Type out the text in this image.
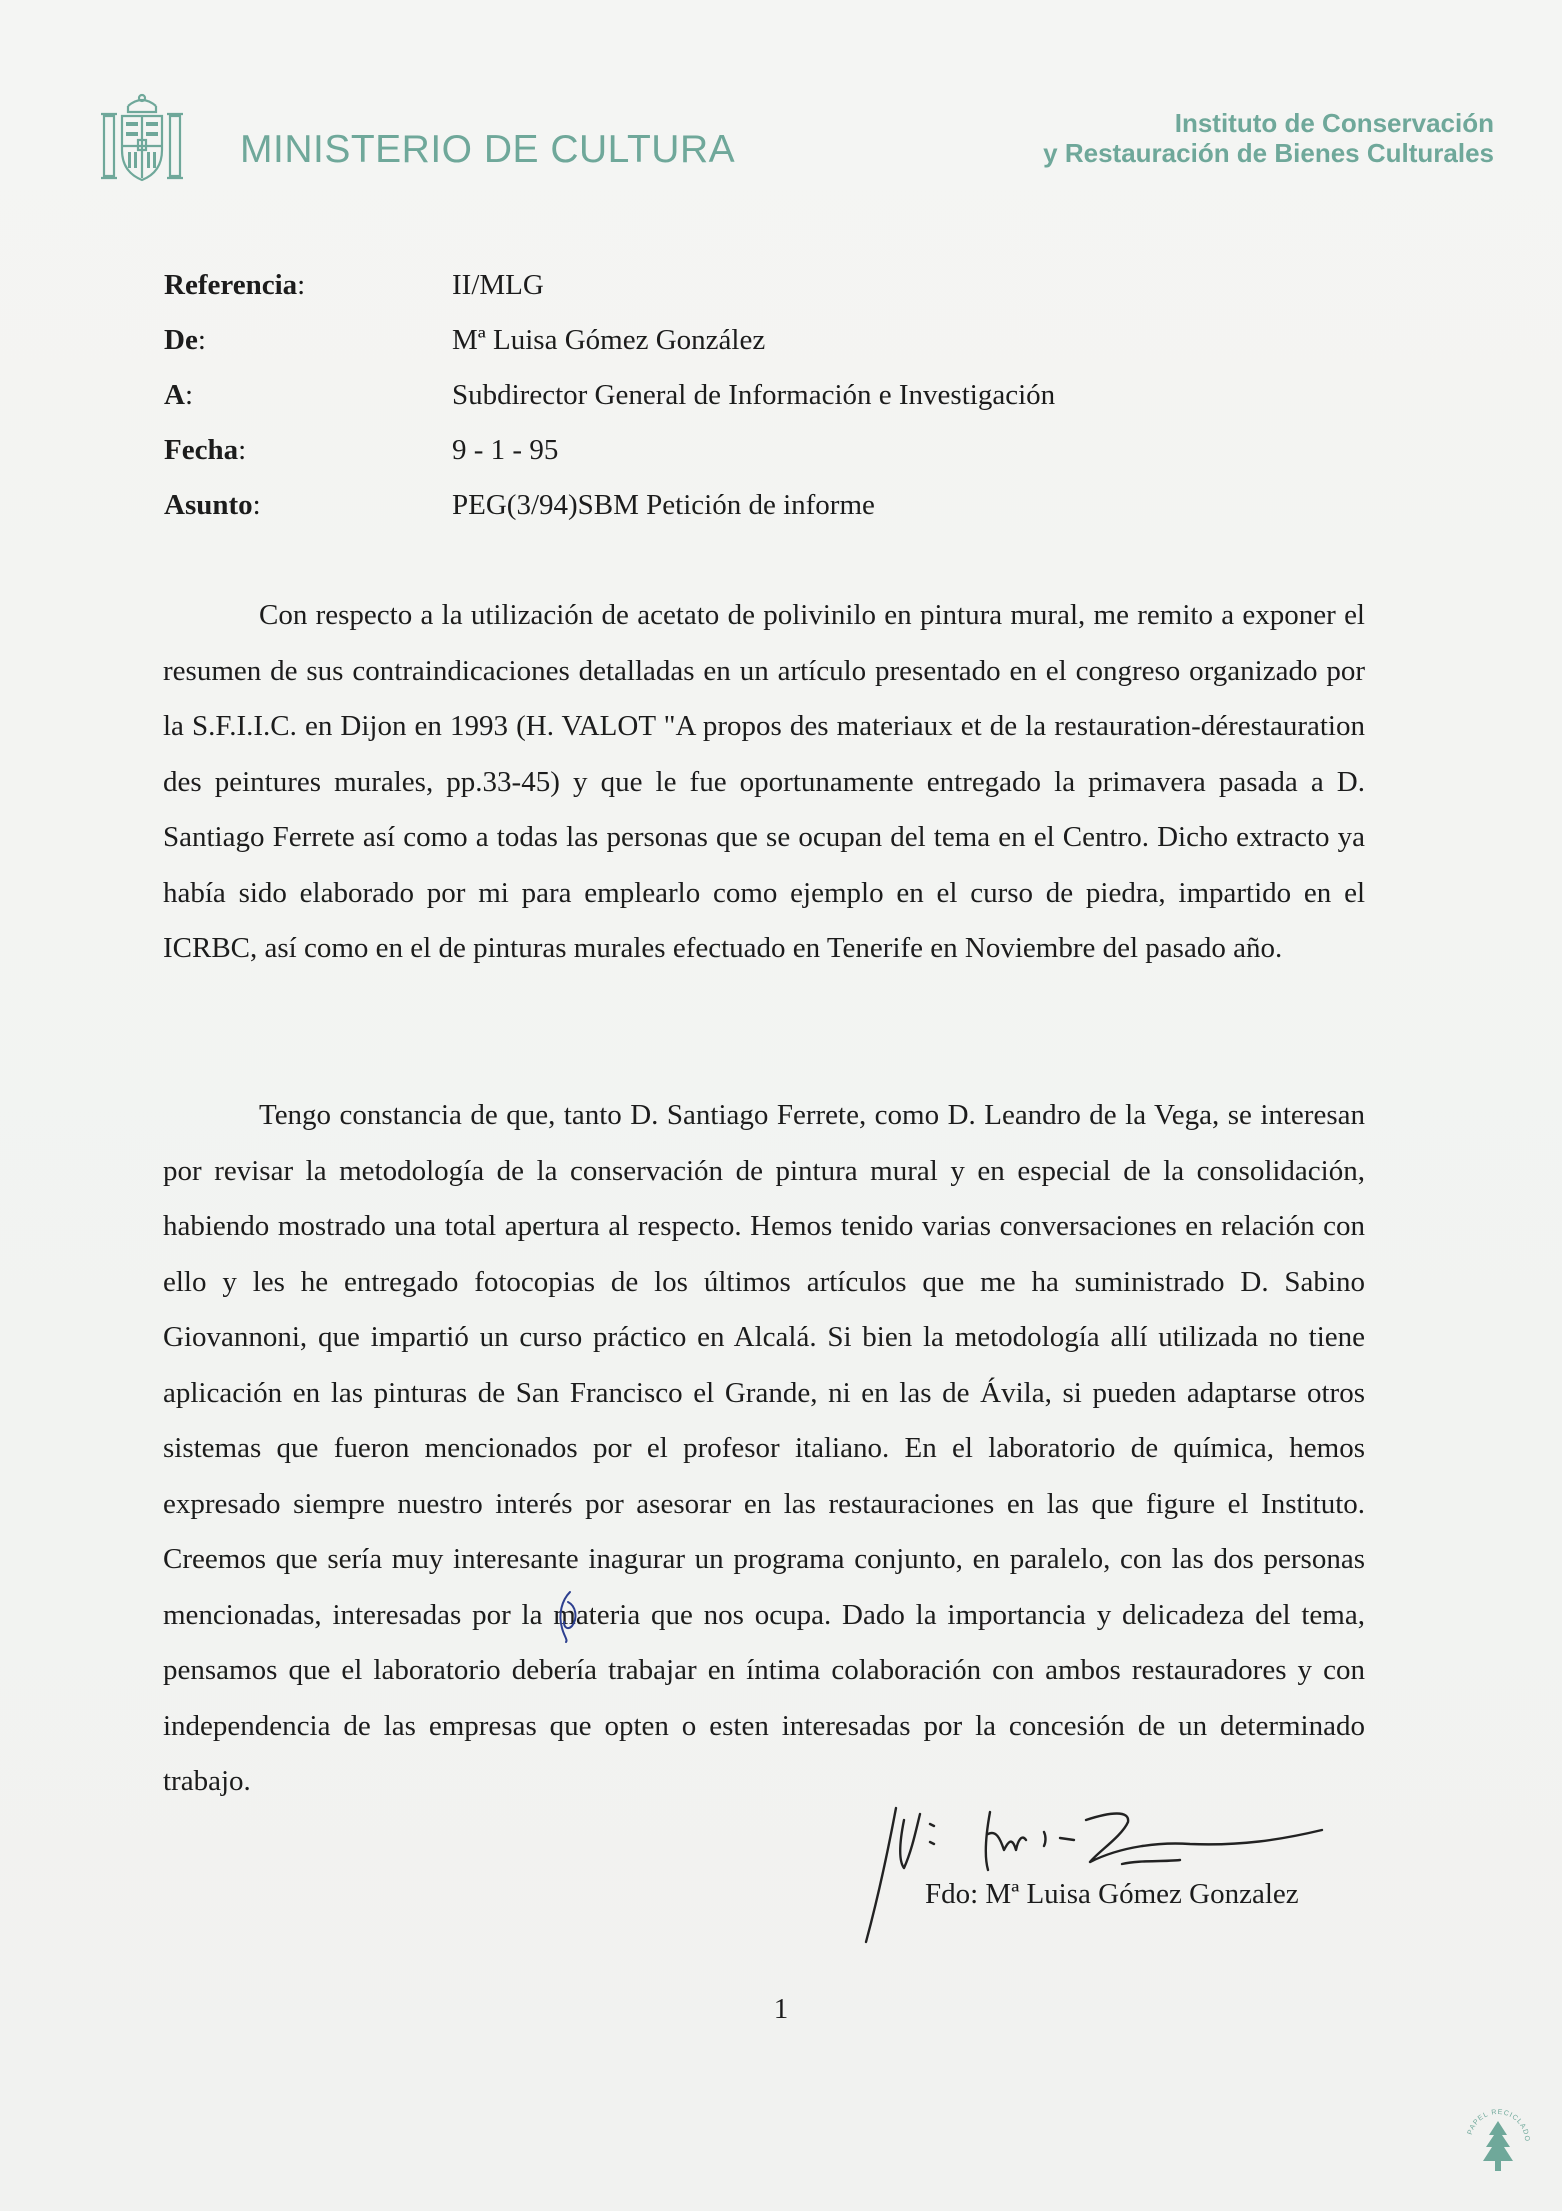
MINISTERIO DE CULTURA
Instituto de Conservación
y Restauración de Bienes Culturales
Referencia:	II/MLG
De:	Mª Luisa Gómez González
A:	Subdirector General de Información e Investigación
Fecha:	9 - 1 - 95
Asunto:	PEG(3/94)SBM Petición de informe

Con respecto a la utilización de acetato de polivinilo en pintura mural, me remito a exponer el resumen de sus contraindicaciones detalladas en un artículo presentado en el congreso organizado por la S.F.I.I.C. en Dijon en 1993 (H. VALOT "A propos des materiaux et de la restauration-dérestauration des peintures murales, pp.33-45) y que le fue oportunamente entregado la primavera pasada a D. Santiago Ferrete así como a todas las personas que se ocupan del tema en el Centro. Dicho extracto ya había sido elaborado por mi para emplearlo como ejemplo en el curso de piedra, impartido en el ICRBC, así como en el de pinturas murales efectuado en Tenerife en Noviembre del pasado año.

Tengo constancia de que, tanto D. Santiago Ferrete, como D. Leandro de la Vega, se interesan por revisar la metodología de la conservación de pintura mural y en especial de la consolidación, habiendo mostrado una total apertura al respecto. Hemos tenido varias conversaciones en relación con ello y les he entregado fotocopias de los últimos artículos que me ha suministrado D. Sabino Giovannoni, que impartió un curso práctico en Alcalá. Si bien la metodología allí utilizada no tiene aplicación en las pinturas de San Francisco el Grande, ni en las de Ávila, si pueden adaptarse otros sistemas que fueron mencionados por el profesor italiano. En el laboratorio de química, hemos expresado siempre nuestro interés por asesorar en las restauraciones en las que figure el Instituto. Creemos que sería muy interesante inagurar un programa conjunto, en paralelo, con las dos personas mencionadas, interesadas por la materia que nos ocupa. Dado la importancia y delicadeza del tema, pensamos que el laboratorio debería trabajar en íntima colaboración con ambos restauradores y con independencia de las empresas que opten o esten interesadas por la concesión de un determinado trabajo.

Fdo: Mª Luisa Gómez Gonzalez
1
PAPEL RECICLADO
